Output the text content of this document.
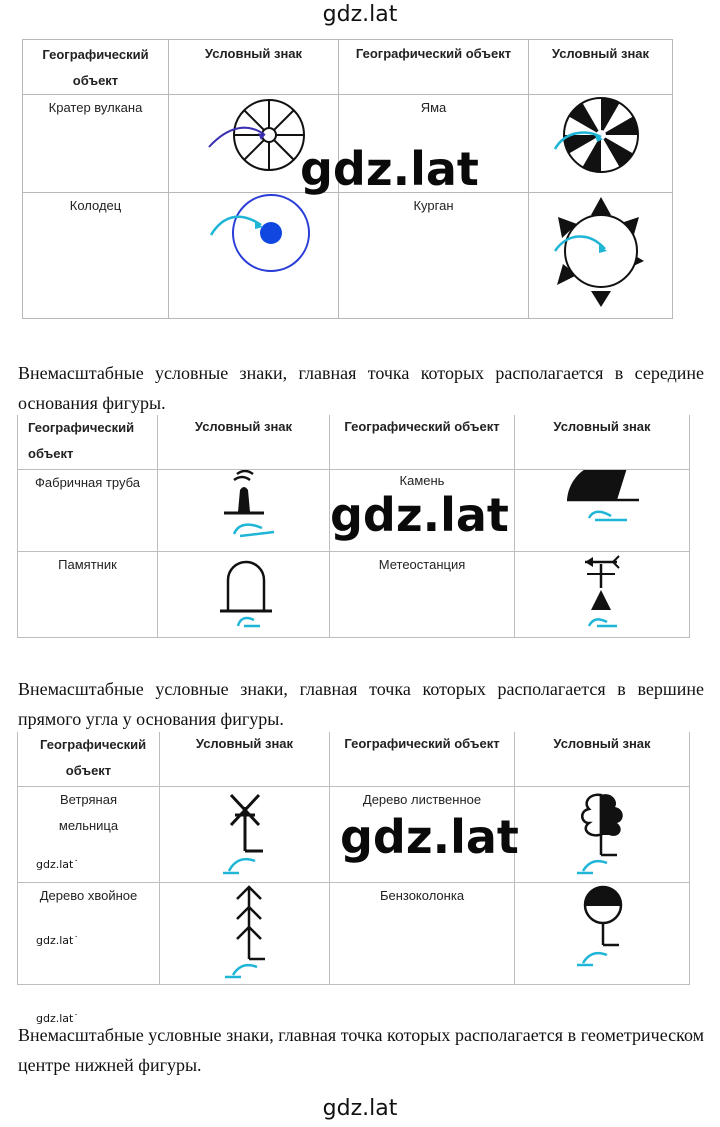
gdz.lat
Географический объект	Условный знак	Географический объект	Условный знак
Кратер вулкана		Яма	

Колодец		Курган	
Внемасштабные условные знаки, главная точка которых располагается в середине основания фигуры.
Географический объект	Условный знак	Географический объект	Условный знак
Фабричная труба		Камень	

Памятник		Метеостанция	
Внемасштабные условные знаки, главная точка которых располагается в вершине прямого угла у основания фигуры.
Географический объект	Условный знак	Географический объект	Условный знак
Ветряная мельница		Дерево лиственное	

Дерево хвойное		Бензоколонка	
Внемасштабные условные знаки, главная точка которых располагается в геометрическом центре нижней фигуры.
gdz.lat
gdz.lat
gdz.lat
gdz.lat˙
gdz.lat˙
gdz.lat˙
gdz.lat
